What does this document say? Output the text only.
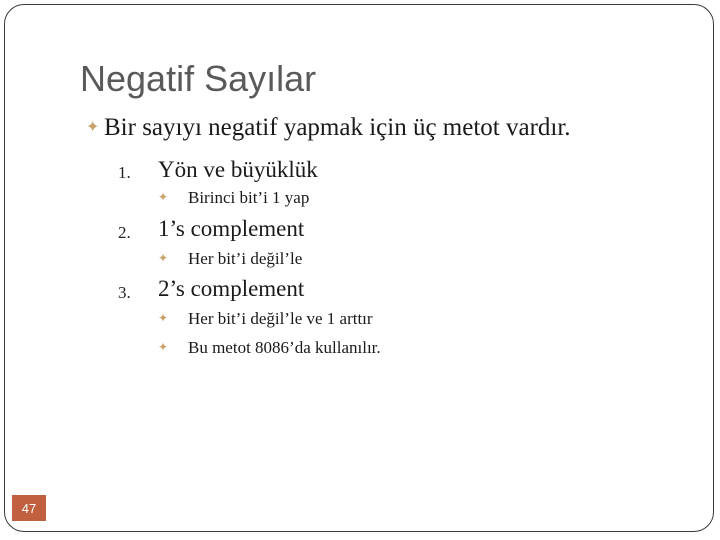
Negatif Sayılar
✦ Bir sayıyı negatif yapmak için üç metot vardır.
1. Yön ve büyüklük
✦	Birinci bit’i 1 yap
2. 1’s complement
✦	Her bit’i değil’le
3. 2’s complement
✦	Her bit’i değil’le ve 1 arttır
✦	Bu metot 8086’da kullanılır.
47
